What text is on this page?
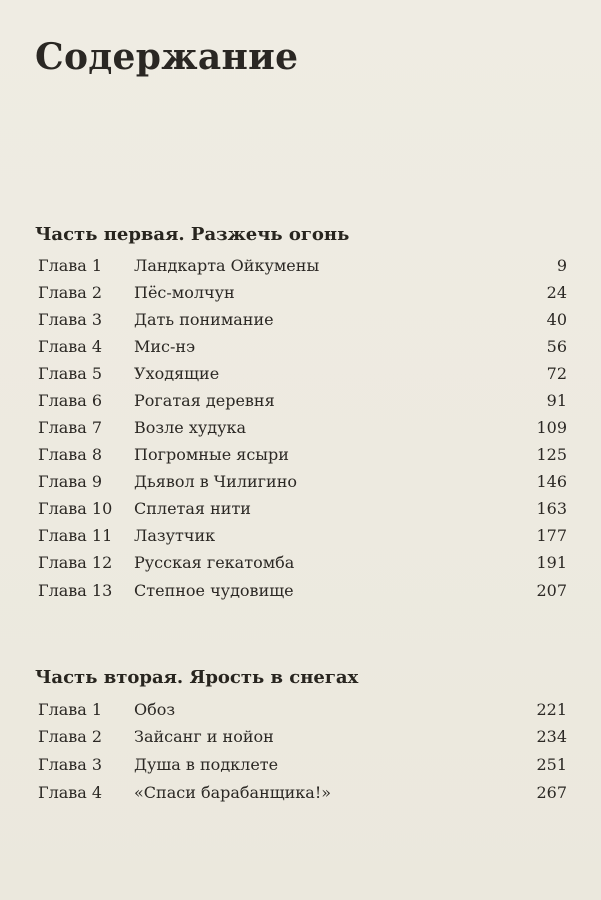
Содержание
Часть первая. Разжечь огонь
Глава 1 Ландкарта Ойкумены	9
Глава 2 Пёс-молчун	24
Глава 3 Дать понимание	40
Глава 4 Мис-нэ	56
Глава 5 Уходящие	72
Глава 6 Рогатая деревня	91
Глава 7 Возле худука	109
Глава 8 Погромные ясыри	125
Глава 9 Дьявол в Чилигино	146
Глава 10 Сплетая нити	163
Глава 11 Лазутчик	177
Глава 12 Русская гекатомба	191
Глава 13 Степное чудовище	207
Часть вторая. Ярость в снегах
Глава 1 Обоз	221
Глава 2 Зайсанг и нойон	234
Глава 3 Душа в подклете	251
Глава 4 «Спаси барабанщика!»	267
